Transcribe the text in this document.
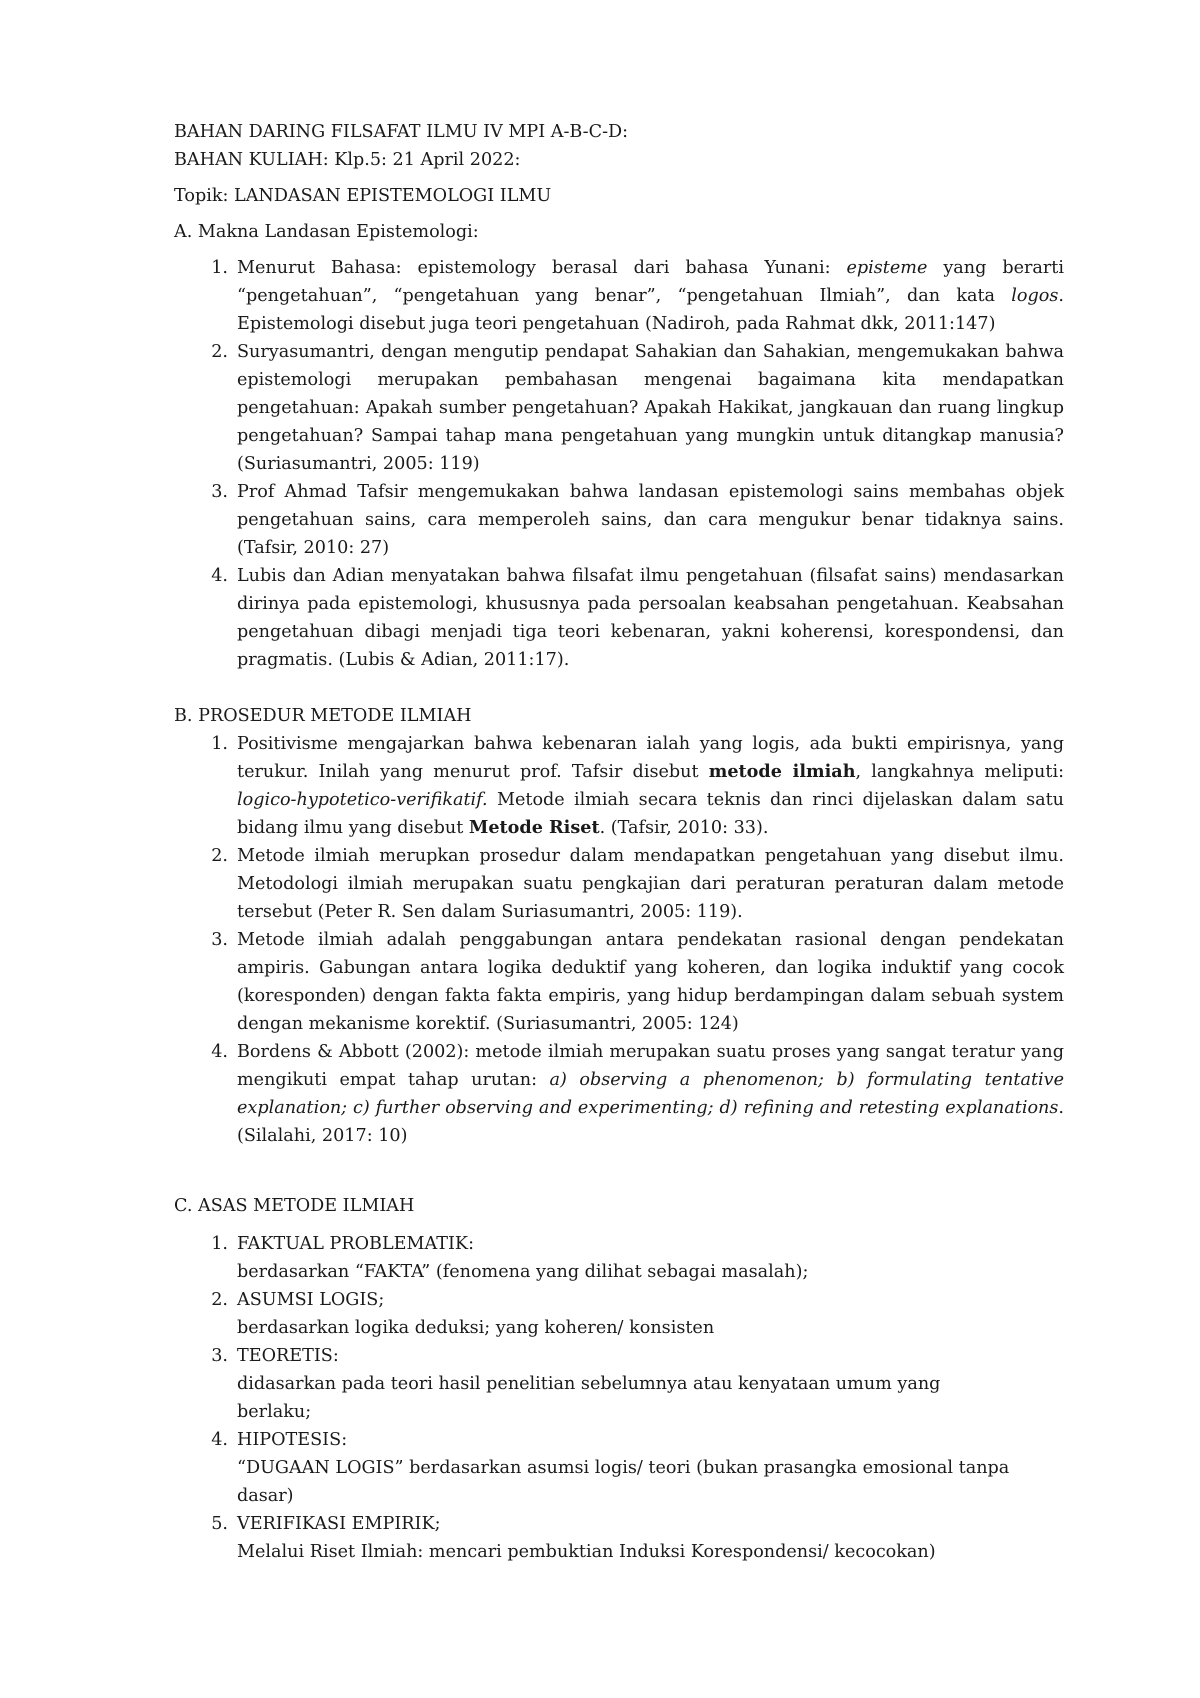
BAHAN DARING FILSAFAT ILMU IV MPI A-B-C-D:

BAHAN KULIAH: Klp.5: 21 April 2022:

Topik: LANDASAN EPISTEMOLOGI ILMU

A. Makna Landasan Epistemologi:

1. Menurut Bahasa: epistemology berasal dari bahasa Yunani: episteme yang berarti “pengetahuan”, “pengetahuan yang benar”, “pengetahuan Ilmiah”, dan kata logos. Epistemologi disebut juga teori pengetahuan (Nadiroh, pada Rahmat dkk, 2011:147)
2. Suryasumantri, dengan mengutip pendapat Sahakian dan Sahakian, mengemukakan bahwa epistemologi merupakan pembahasan mengenai bagaimana kita mendapatkan pengetahuan: Apakah sumber pengetahuan? Apakah Hakikat, jangkauan dan ruang lingkup pengetahuan? Sampai tahap mana pengetahuan yang mungkin untuk ditangkap manusia? (Suriasumantri, 2005: 119)
3. Prof Ahmad Tafsir mengemukakan bahwa landasan epistemologi sains membahas objek pengetahuan sains, cara memperoleh sains, dan cara mengukur benar tidaknya sains. (Tafsir, 2010: 27)
4. Lubis dan Adian menyatakan bahwa filsafat ilmu pengetahuan (filsafat sains) mendasarkan dirinya pada epistemologi, khususnya pada persoalan keabsahan pengetahuan. Keabsahan pengetahuan dibagi menjadi tiga teori kebenaran, yakni koherensi, korespondensi, dan pragmatis. (Lubis & Adian, 2011:17).

B. PROSEDUR METODE ILMIAH

1. Positivisme mengajarkan bahwa kebenaran ialah yang logis, ada bukti empirisnya, yang terukur. Inilah yang menurut prof. Tafsir disebut metode ilmiah, langkahnya meliputi: logico-hypotetico-verifikatif. Metode ilmiah secara teknis dan rinci dijelaskan dalam satu bidang ilmu yang disebut Metode Riset. (Tafsir, 2010: 33).
2. Metode ilmiah merupkan prosedur dalam mendapatkan pengetahuan yang disebut ilmu. Metodologi ilmiah merupakan suatu pengkajian dari peraturan peraturan dalam metode tersebut (Peter R. Sen dalam Suriasumantri, 2005: 119).
3. Metode ilmiah adalah penggabungan antara pendekatan rasional dengan pendekatan ampiris. Gabungan antara logika deduktif yang koheren, dan logika induktif yang cocok (koresponden) dengan fakta fakta empiris, yang hidup berdampingan dalam sebuah system dengan mekanisme korektif. (Suriasumantri, 2005: 124)
4. Bordens & Abbott (2002): metode ilmiah merupakan suatu proses yang sangat teratur yang mengikuti empat tahap urutan: a) observing a phenomenon; b) formulating tentative explanation; c) further observing and experimenting; d) refining and retesting explanations. (Silalahi, 2017: 10)

C. ASAS METODE ILMIAH

1. FAKTUAL PROBLEMATIK:
berdasarkan “FAKTA” (fenomena yang dilihat sebagai masalah);
2. ASUMSI LOGIS;
berdasarkan logika deduksi; yang koheren/ konsisten
3. TEORETIS:
didasarkan pada teori hasil penelitian sebelumnya atau kenyataan umum yang berlaku;
4. HIPOTESIS:
“DUGAAN LOGIS” berdasarkan asumsi logis/ teori (bukan prasangka emosional tanpa dasar)
5. VERIFIKASI EMPIRIK;
Melalui Riset Ilmiah: mencari pembuktian Induksi Korespondensi/ kecocokan)
